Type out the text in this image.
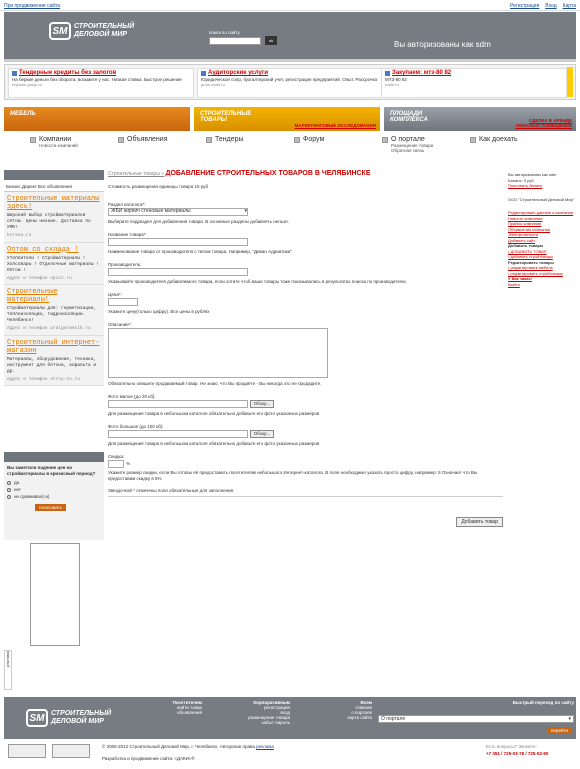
При продвижении сайта	Регистрация Вход Карта
SM СТРОИТЕЛЬНЫЙ
ДЕЛОВОЙ МИР	поиск по сайту
ok	Вы авторизованы как sdm
Тендерные кредиты без залогов
На беркие деньги без оборота, возьмите у нас. Низкая ставка. Быстрое решение
mybank-group.ru
Аудиторские услуги
Юридическое сопр, бухгалтерский учет, регистрация предприятий. Опыт. Рассрочка
prom-audit.ru
Закупаем: мтз-80 82
МТЗ-80 82
trade.ru
МЕБЕЛЬ	СТРОИТЕЛЬНЫЕ
ТОВАРЫ
МАРКЕТИНГОВЫЕ ИССЛЕДОВАНИЯ
ПЛОЩАДИ
КОМПЛЕКСА	СДЕЛКА В АРЕНДЕ
ОФИСНЫХ ПОМЕЩЕНИЙ
Компании
Новости компаний
Объявления	Тендеры	Форум	О портале
Размещение товара
Обратная связь
Как доехать
Бизнес.Директ Все объявления
Строительные материалы здесь!
Широкий выбор стройматериалов оптом. Цены низкие. Доставка по УФО!
korsea.ru
Оптом со склада !
Утеплители ! Стройматериалы ! Холсовары ! Отделочные материалы ! Оптом !
Адрес и телефон upist.ru
Строительные материалы!
Стройматериалы для: герметизации, теплоизоляции, гидроизоляции. Челябинск!
Адрес и телефон uralgermetik.ru
Строительный интернет-магазин
Материалы, оборудование, техника, инструмент для бетона, асфальта и др.
Адрес и телефон stroy-to.ru
Вы заметили падение цен на стройматериалы в кризисный период?
да
нет
не сравнивал(-а)
голосовать
реклама
Строительные товары » ДОБАВЛЕНИЕ СТРОИТЕЛЬНЫХ ТОВАРОВ В ЧЕЛЯБИНСКЕ
Стоимость размещения единицы товара 15 руб
Раздел каталога*:
ЖБИ кирпич стеновые материалы	▾
Выберите подраздел для добавления товара. В основные разделы добавлять нельзя.
Название товара*:
Наименование товара от производителя с типом товара. Например, "Диван Адриатика"
Производитель:
Укажывайте производителя добавляемого товара, если хотите чтоб ваши товары тоже показывались в результатах поиска по производителю
Цена*:
Укажите цену(только цифру). Все цены в рублях
Описание*:
Обязательно опишите продаваемый товар. Не знаю, что Вы продаёте - Вы никогда это не продадите.
Фото малое (до 20 кб):
Обзор...
Для размещения товара в небольшом каталоге обязательно добавьте его фото указанных размеров
Фото большое (до 100 кб):
Обзор...
Для размещения товара в небольшом каталоге обязательно добавьте его фото указанных размеров
Скидка:
%
Укажите размер скидки, если Вы готовы её предоставить посетителям небольшого Интернет-каталога. В поле необходимо указать просто цифру, например: 5 Означает что Вы предоставим скидку в 5%
Звездочкой * отмечены поля обязательные для заполнения.
Добавить товар
Вы авторизованы как sdm
Баланс: 0 руб
Пополнить баланс
ООО "Строительный Деловой Мир"
Редактировать данные о компании
Новости компании
Прайсы компании
Объявления компании
Электрсовность
Добавить сайт
Добавить товары
• ДОБАВИТЬ ТОВАР
• добавить стройтовары
Редактировать товары
• редактировать мебель
• редактировать стройтовары
У Вас заказ!
Выйти
SM СТРОИТЕЛЬНЫЙ
ДЕЛОВОЙ МИР
Посетителям
найти товар
объявления
Корпоративным
регистрация
вход
размещение товара
забыт пароль
Всем
главная
о портале
карта сайта
Быстрый переход по сайту
О портале	▾
перейти
© 2006-2012 Строительный Деловой Мир, г. Челябинск. Авторские права реклама
Разработка и продвижение сайта: «ДАКИ»®
Есть вопросы? Звоните:
+7 351 / 725-03-78 / 725-03-80
